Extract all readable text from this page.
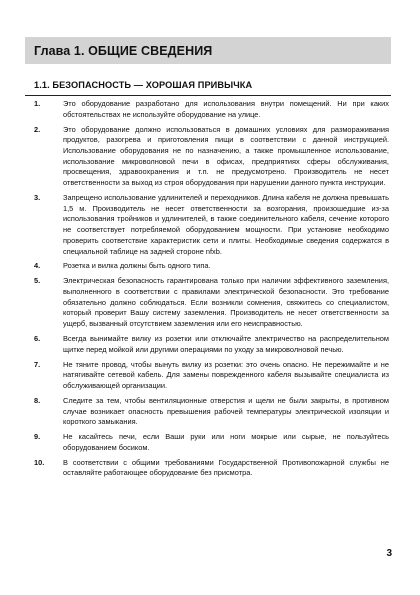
Глава 1. ОБЩИЕ СВЕДЕНИЯ
1.1. БЕЗОПАСНОСТЬ — ХОРОШАЯ ПРИВЫЧКА
1.	Это оборудование разработано для использования внутри помещений. Ни при каких обстоятельствах не используйте оборудование на улице.
2.	Это оборудование должно использоваться в домашних условиях для размораживания продуктов, разогрева и приготовления пищи в соответствии с данной инструкцией. Использование оборудования не по назначению, а также промышленное использование, использование микроволновой печи в офисах, предприятиях сферы обслуживания, просвещения, здравоохранения и т.п. не предусмотрено. Производитель не несет ответственности за выход из строя оборудования при нарушении данного пункта инструкции.
3.	Запрещено использование удлинителей и переходников. Длина кабеля не должна превышать 1,5 м. Производитель не несет ответственности за возгорания, произошедшие из-за использования тройников и удлинителей, в также соединительного кабеля, сечение которого не соответствует потребляемой оборудованием мощности. При установке необходимо проверить соответствие характеристик сети и плиты. Необходимые сведения содержатся в специальной таблице на задней стороне nfxb.
4.	Розетка и вилка должны быть одного типа.
5.	Электрическая безопасность гарантирована только при наличии эффективного заземления, выполненного в соответствии с правилами электрической безопасности. Это требование обязательно должно соблюдаться. Если возникли сомнения, свяжитесь со специалистом, который проверит Вашу систему заземления. Производитель не несет ответственности за ущерб, вызванный отсутствием заземления или его неисправностью.
6.	Всегда вынимайте вилку из розетки или отключайте электричество на распределительном щитке перед мойкой или другими операциями по уходу за микроволновой печью.
7.	Не тяните провод, чтобы вынуть вилку из розетки: это очень опасно. Не пережимайте и не натягивайте сетевой кабель. Для замены поврежденного кабеля вызывайте специалиста из обслуживающей организации.
8.	Следите за тем, чтобы вентиляционные отверстия и щели не были закрыты, в противном случае возникает опасность превышения рабочей температуры электрической изоляции и короткого замыкания.
9.	Не касайтесь печи, если Ваши руки или ноги мокрые или сырые, не пользуйтесь оборудованием босиком.
10.	В соответствии с общими требованиями Государственной Противопожарной службы не оставляйте работающее оборудование без присмотра.
3
